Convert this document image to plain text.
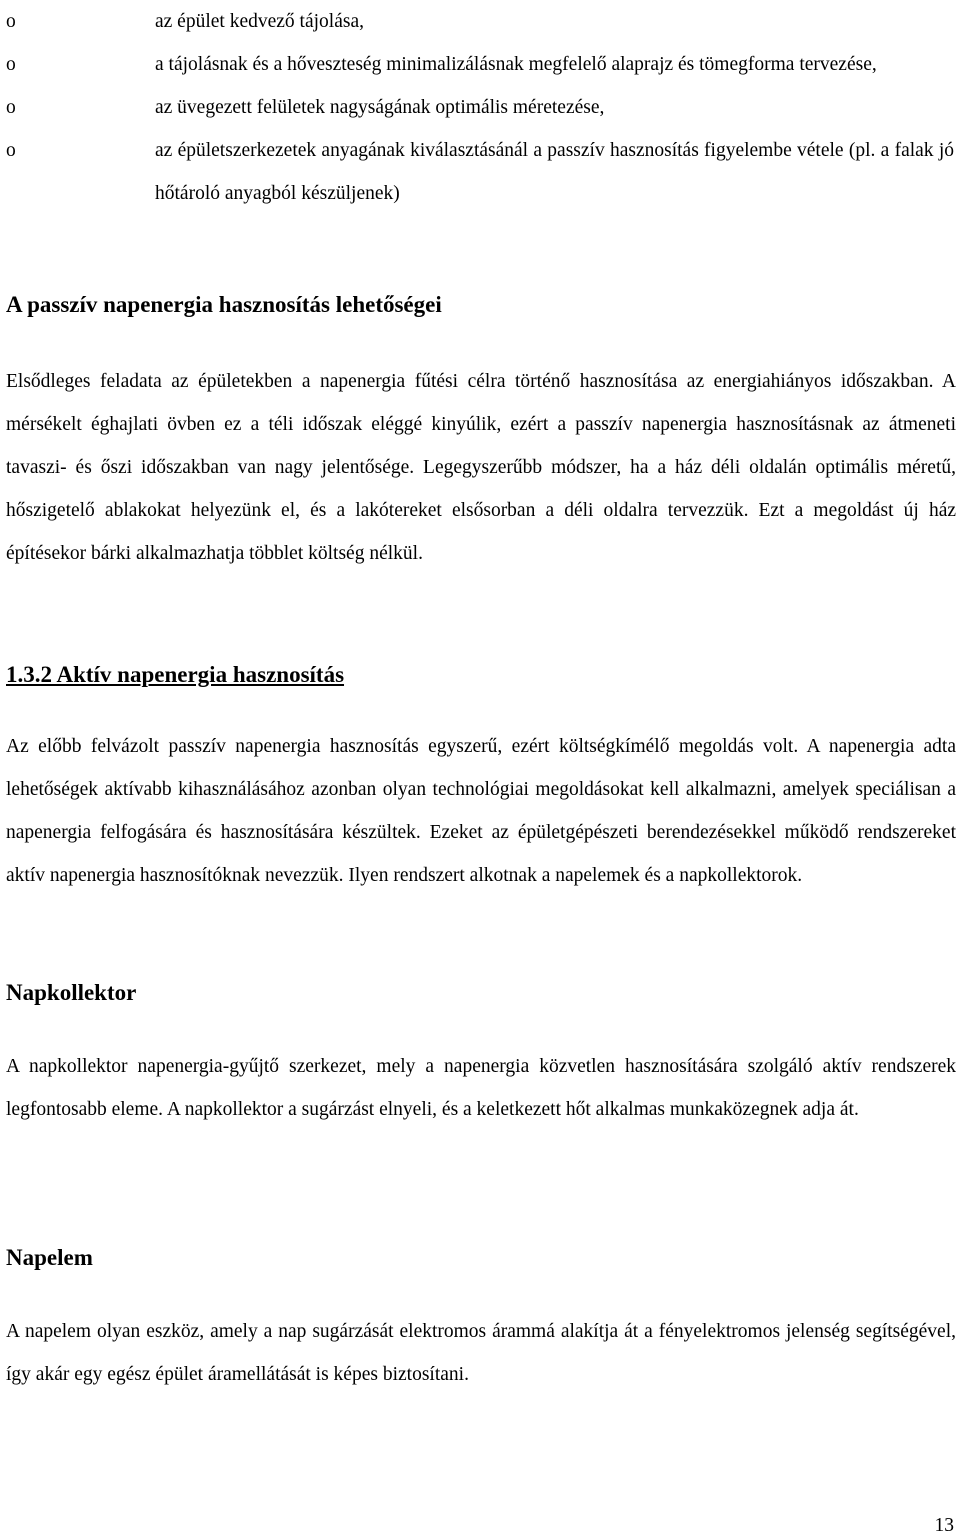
o	az épület kedvező tájolása,
o	a tájolásnak és a hőveszteség minimalizálásnak megfelelő alaprajz és tömegforma tervezése,
o	az üvegezett felületek nagyságának optimális méretezése,
o	az épületszerkezetek anyagának kiválasztásánál a passzív hasznosítás figyelembe vétele (pl. a falak jó hőtároló anyagból készüljenek)
A passzív napenergia hasznosítás lehetőségei

Elsődleges feladata az épületekben a napenergia fűtési célra történő hasznosítása az energiahiányos időszakban. A mérsékelt éghajlati övben ez a téli időszak eléggé kinyúlik, ezért a passzív napenergia hasznosításnak az átmeneti tavaszi- és őszi időszakban van nagy jelentősége. Legegyszerűbb módszer, ha a ház déli oldalán optimális méretű, hőszigetelő ablakokat helyezünk el, és a lakótereket elsősorban a déli oldalra tervezzük. Ezt a megoldást új ház építésekor bárki alkalmazhatja többlet költség nélkül.

1.3.2 Aktív napenergia hasznosítás

Az előbb felvázolt passzív napenergia hasznosítás egyszerű, ezért költségkímélő megoldás volt. A napenergia adta lehetőségek aktívabb kihasználásához azonban olyan technológiai megoldásokat kell alkalmazni, amelyek speciálisan a napenergia felfogására és hasznosítására készültek. Ezeket az épületgépészeti berendezésekkel működő rendszereket aktív napenergia hasznosítóknak nevezzük. Ilyen rendszert alkotnak a napelemek és a napkollektorok.

Napkollektor

A napkollektor napenergia-gyűjtő szerkezet, mely a napenergia közvetlen hasznosítására szolgáló aktív rendszerek legfontosabb eleme. A napkollektor a sugárzást elnyeli, és a keletkezett hőt alkalmas munkaközegnek adja át.

Napelem

A napelem olyan eszköz, amely a nap sugárzását elektromos árammá alakítja át a fényelektromos jelenség segítségével, így akár egy egész épület áramellátását is képes biztosítani.

13
